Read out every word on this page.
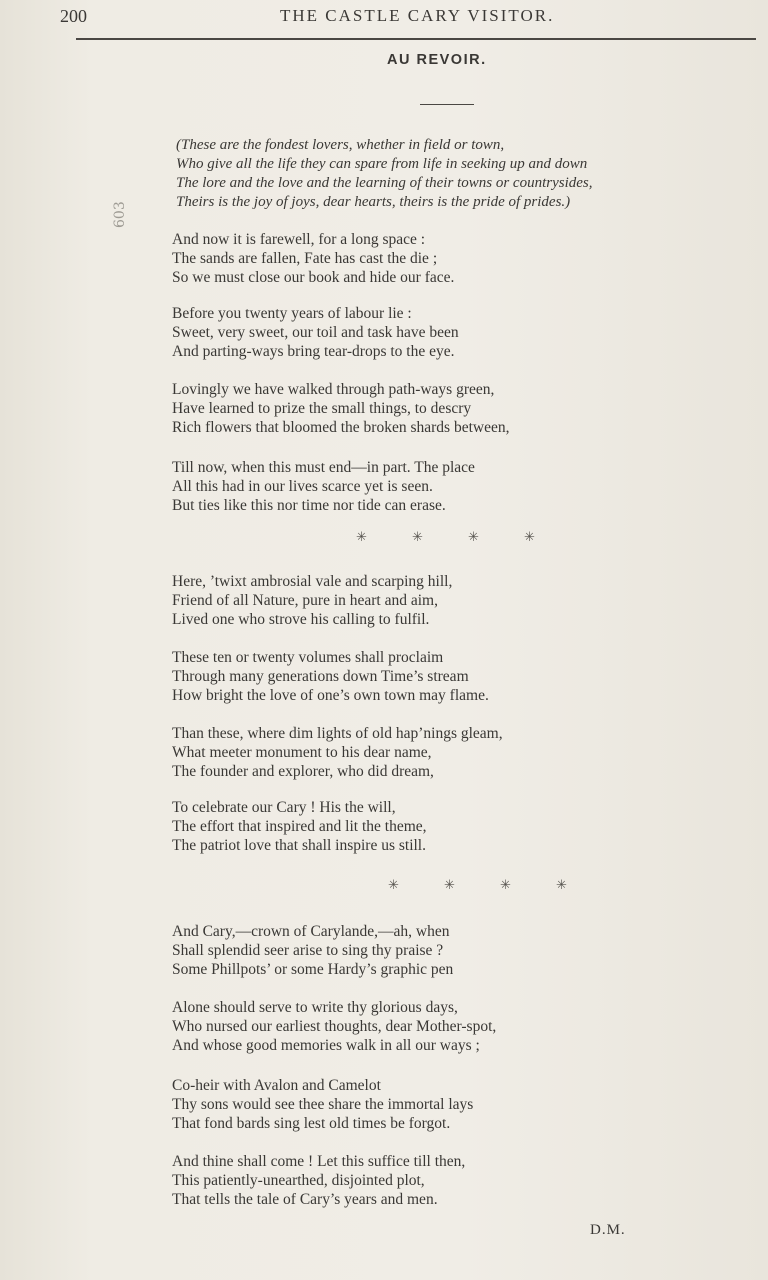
200	THE CASTLE CARY VISITOR.
AU REVOIR.
603
(These are the fondest lovers, whether in field or town,
Who give all the life they can spare from life in seeking up and down
The lore and the love and the learning of their towns or countrysides,
Theirs is the joy of joys, dear hearts, theirs is the pride of prides.)
And now it is farewell, for a long space :
The sands are fallen, Fate has cast the die ;
So we must close our book and hide our face.
Before you twenty years of labour lie :
Sweet, very sweet, our toil and task have been
And parting-ways bring tear-drops to the eye.
Lovingly we have walked through path-ways green,
Have learned to prize the small things, to descry
Rich flowers that bloomed the broken shards between,
Till now, when this must end—in part. The place
All this had in our lives scarce yet is seen.
But ties like this nor time nor tide can erase.
✳	✳	✳	✳
Here, ’twixt ambrosial vale and scarping hill,
Friend of all Nature, pure in heart and aim,
Lived one who strove his calling to fulfil.
These ten or twenty volumes shall proclaim
Through many generations down Time’s stream
How bright the love of one’s own town may flame.
Than these, where dim lights of old hap’nings gleam,
What meeter monument to his dear name,
The founder and explorer, who did dream,
To celebrate our Cary ! His the will,
The effort that inspired and lit the theme,
The patriot love that shall inspire us still.
✳	✳	✳	✳
And Cary,—crown of Carylande,—ah, when
Shall splendid seer arise to sing thy praise ?
Some Phillpots’ or some Hardy’s graphic pen
Alone should serve to write thy glorious days,
Who nursed our earliest thoughts, dear Mother-spot,
And whose good memories walk in all our ways ;
Co-heir with Avalon and Camelot
Thy sons would see thee share the immortal lays
That fond bards sing lest old times be forgot.
And thine shall come ! Let this suffice till then,
This patiently-unearthed, disjointed plot,
That tells the tale of Cary’s years and men.
D.M.
